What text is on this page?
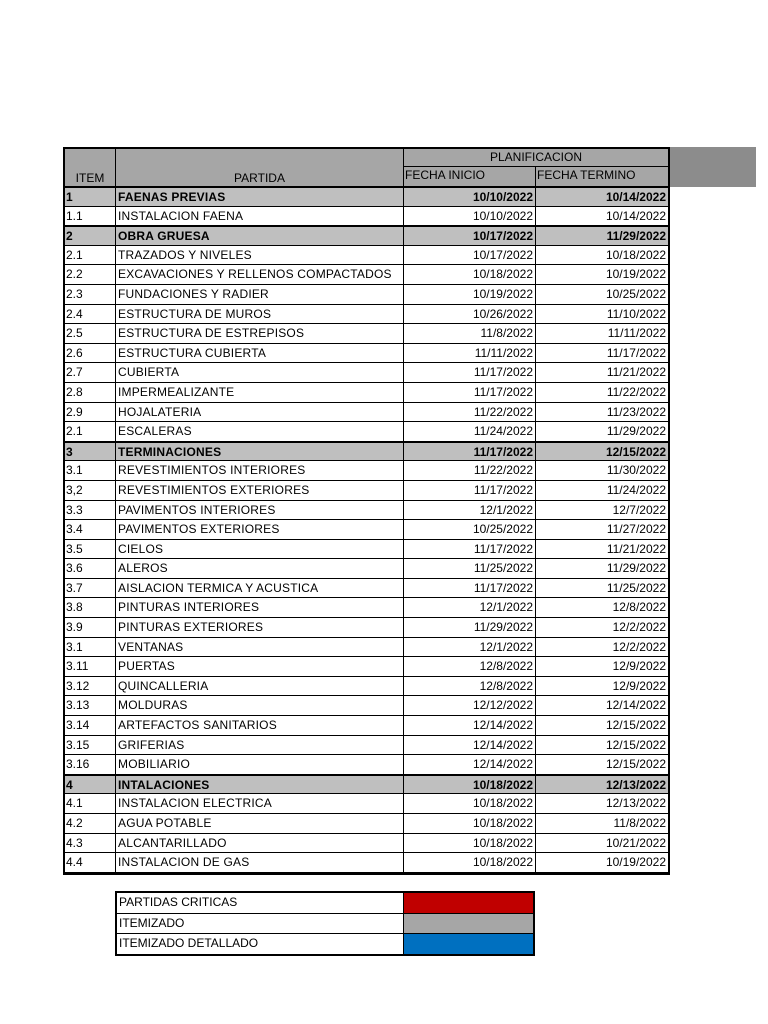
ITEM	PARTIDA
PLANIFICACION
FECHA INICIO	FECHA TERMINO
1	FAENAS PREVIAS	10/10/2022	10/14/2022
1.1	INSTALACION FAENA	10/10/2022	10/14/2022
2	OBRA GRUESA	10/17/2022	11/29/2022
2.1	TRAZADOS Y NIVELES	10/17/2022	10/18/2022
2.2	EXCAVACIONES Y RELLENOS COMPACTADOS	10/18/2022	10/19/2022
2.3	FUNDACIONES Y RADIER	10/19/2022	10/25/2022
2.4	ESTRUCTURA DE MUROS	10/26/2022	11/10/2022
2.5	ESTRUCTURA DE ESTREPISOS	11/8/2022	11/11/2022
2.6	ESTRUCTURA CUBIERTA	11/11/2022	11/17/2022
2.7	CUBIERTA	11/17/2022	11/21/2022
2.8	IMPERMEALIZANTE	11/17/2022	11/22/2022
2.9	HOJALATERIA	11/22/2022	11/23/2022
2.1	ESCALERAS	11/24/2022	11/29/2022
3	TERMINACIONES	11/17/2022	12/15/2022
3.1	REVESTIMIENTOS INTERIORES	11/22/2022	11/30/2022
3,2	REVESTIMIENTOS EXTERIORES	11/17/2022	11/24/2022
3.3	PAVIMENTOS INTERIORES	12/1/2022	12/7/2022
3.4	PAVIMENTOS EXTERIORES	10/25/2022	11/27/2022
3.5	CIELOS	11/17/2022	11/21/2022
3.6	ALEROS	11/25/2022	11/29/2022
3.7	AISLACION TERMICA Y ACUSTICA	11/17/2022	11/25/2022
3.8	PINTURAS INTERIORES	12/1/2022	12/8/2022
3.9	PINTURAS EXTERIORES	11/29/2022	12/2/2022
3.1	VENTANAS	12/1/2022	12/2/2022
3.11	PUERTAS	12/8/2022	12/9/2022
3.12	QUINCALLERIA	12/8/2022	12/9/2022
3.13	MOLDURAS	12/12/2022	12/14/2022
3.14	ARTEFACTOS SANITARIOS	12/14/2022	12/15/2022
3.15	GRIFERIAS	12/14/2022	12/15/2022
3.16	MOBILIARIO	12/14/2022	12/15/2022
4	INTALACIONES	10/18/2022	12/13/2022
4.1	INSTALACION ELECTRICA	10/18/2022	12/13/2022
4.2	AGUA POTABLE	10/18/2022	11/8/2022
4.3	ALCANTARILLADO	10/18/2022	10/21/2022
4.4	INSTALACION DE GAS	10/18/2022	10/19/2022
PARTIDAS CRITICAS
ITEMIZADO
ITEMIZADO DETALLADO
